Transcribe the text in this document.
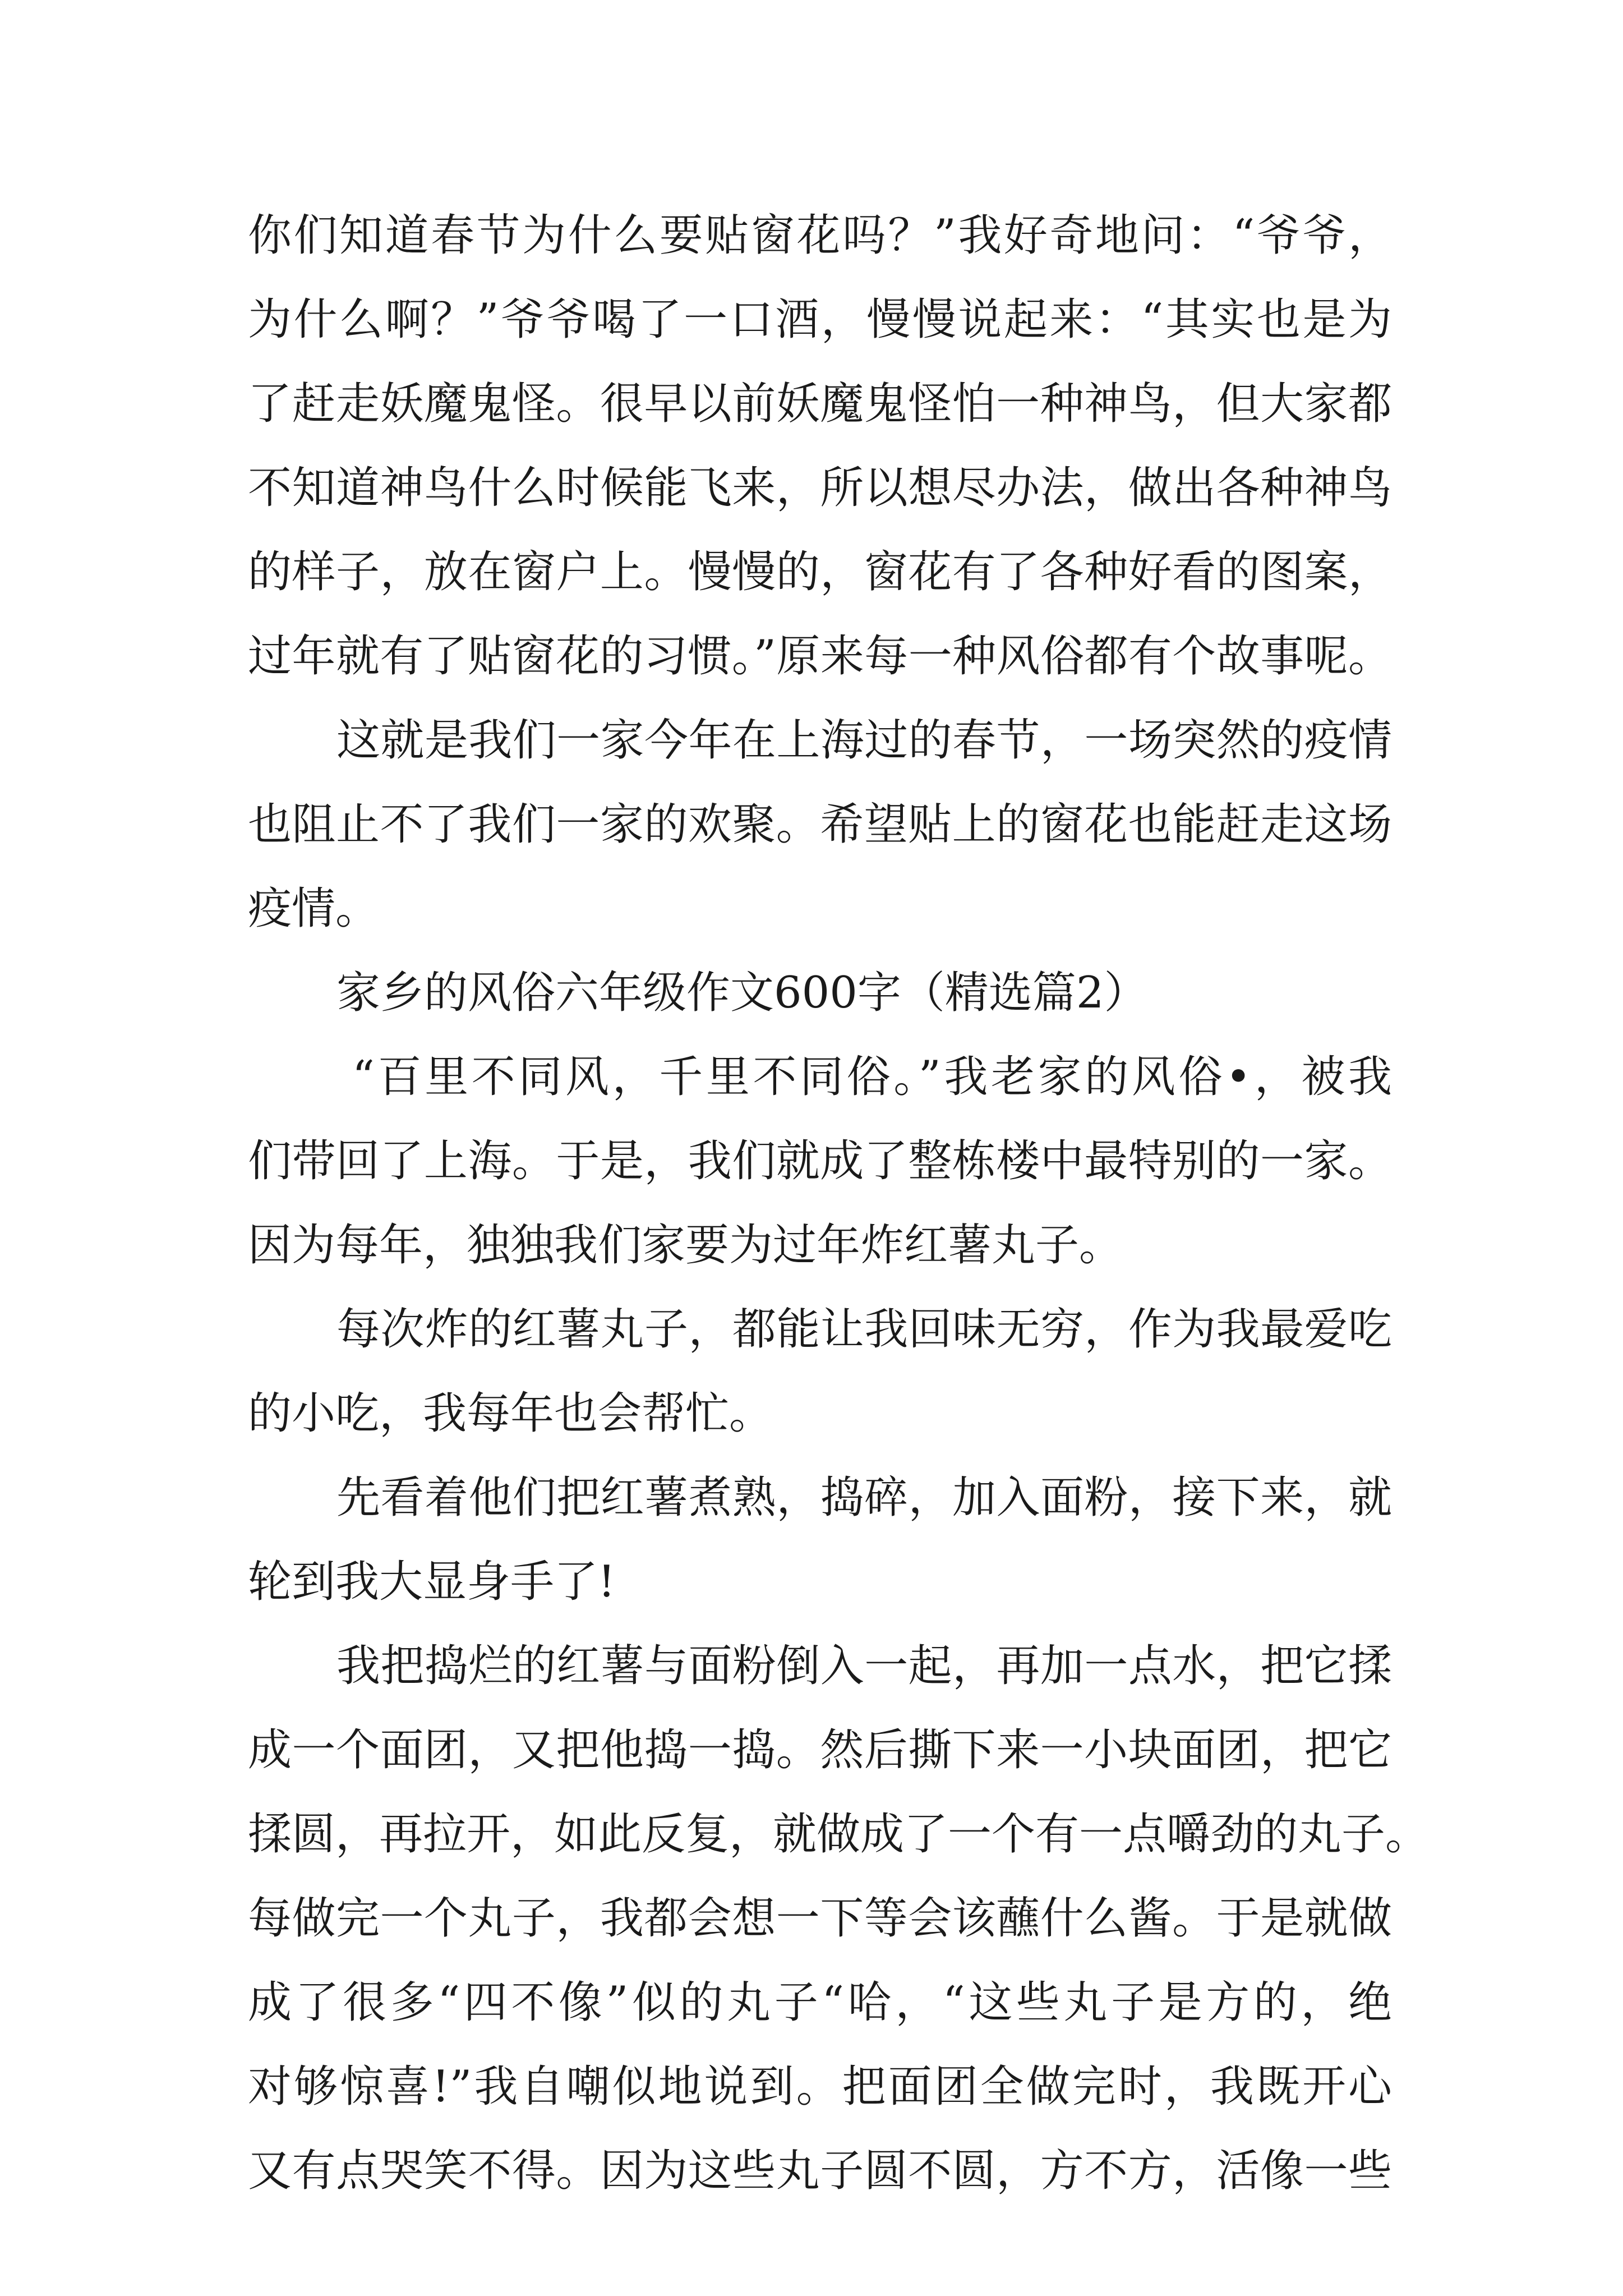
你们知道春节为什么要贴窗花吗？”我好奇地问：“爷爷，
为什么啊？”爷爷喝了一口酒，慢慢说起来：“其实也是为
了赶走妖魔鬼怪。很早以前妖魔鬼怪怕一种神鸟，但大家都
不知道神鸟什么时候能飞来，所以想尽办法，做出各种神鸟
的样子，放在窗户上。慢慢的，窗花有了各种好看的图案，
过年就有了贴窗花的习惯。”原来每一种风俗都有个故事呢。
这就是我们一家今年在上海过的春节，一场突然的疫情
也阻止不了我们一家的欢聚。希望贴上的窗花也能赶走这场
疫情。
家乡的风俗六年级作文600字（精选篇2）
“百里不同风，千里不同俗。”我老家的风俗•，被我
们带回了上海。于是，我们就成了整栋楼中最特别的一家。
因为每年，独独我们家要为过年炸红薯丸子。
每次炸的红薯丸子，都能让我回味无穷，作为我最爱吃
的小吃，我每年也会帮忙。
先看着他们把红薯煮熟，捣碎，加入面粉，接下来，就
轮到我大显身手了!
我把捣烂的红薯与面粉倒入一起，再加一点水，把它揉
成一个面团，又把他捣一捣。然后撕下来一小块面团，把它
揉圆，再拉开，如此反复，就做成了一个有一点嚼劲的丸子。
每做完一个丸子，我都会想一下等会该蘸什么酱。于是就做
成了很多“四不像”似的丸子“哈，“这些丸子是方的，绝
对够惊喜!”我自嘲似地说到。把面团全做完时，我既开心
又有点哭笑不得。因为这些丸子圆不圆，方不方，活像一些
